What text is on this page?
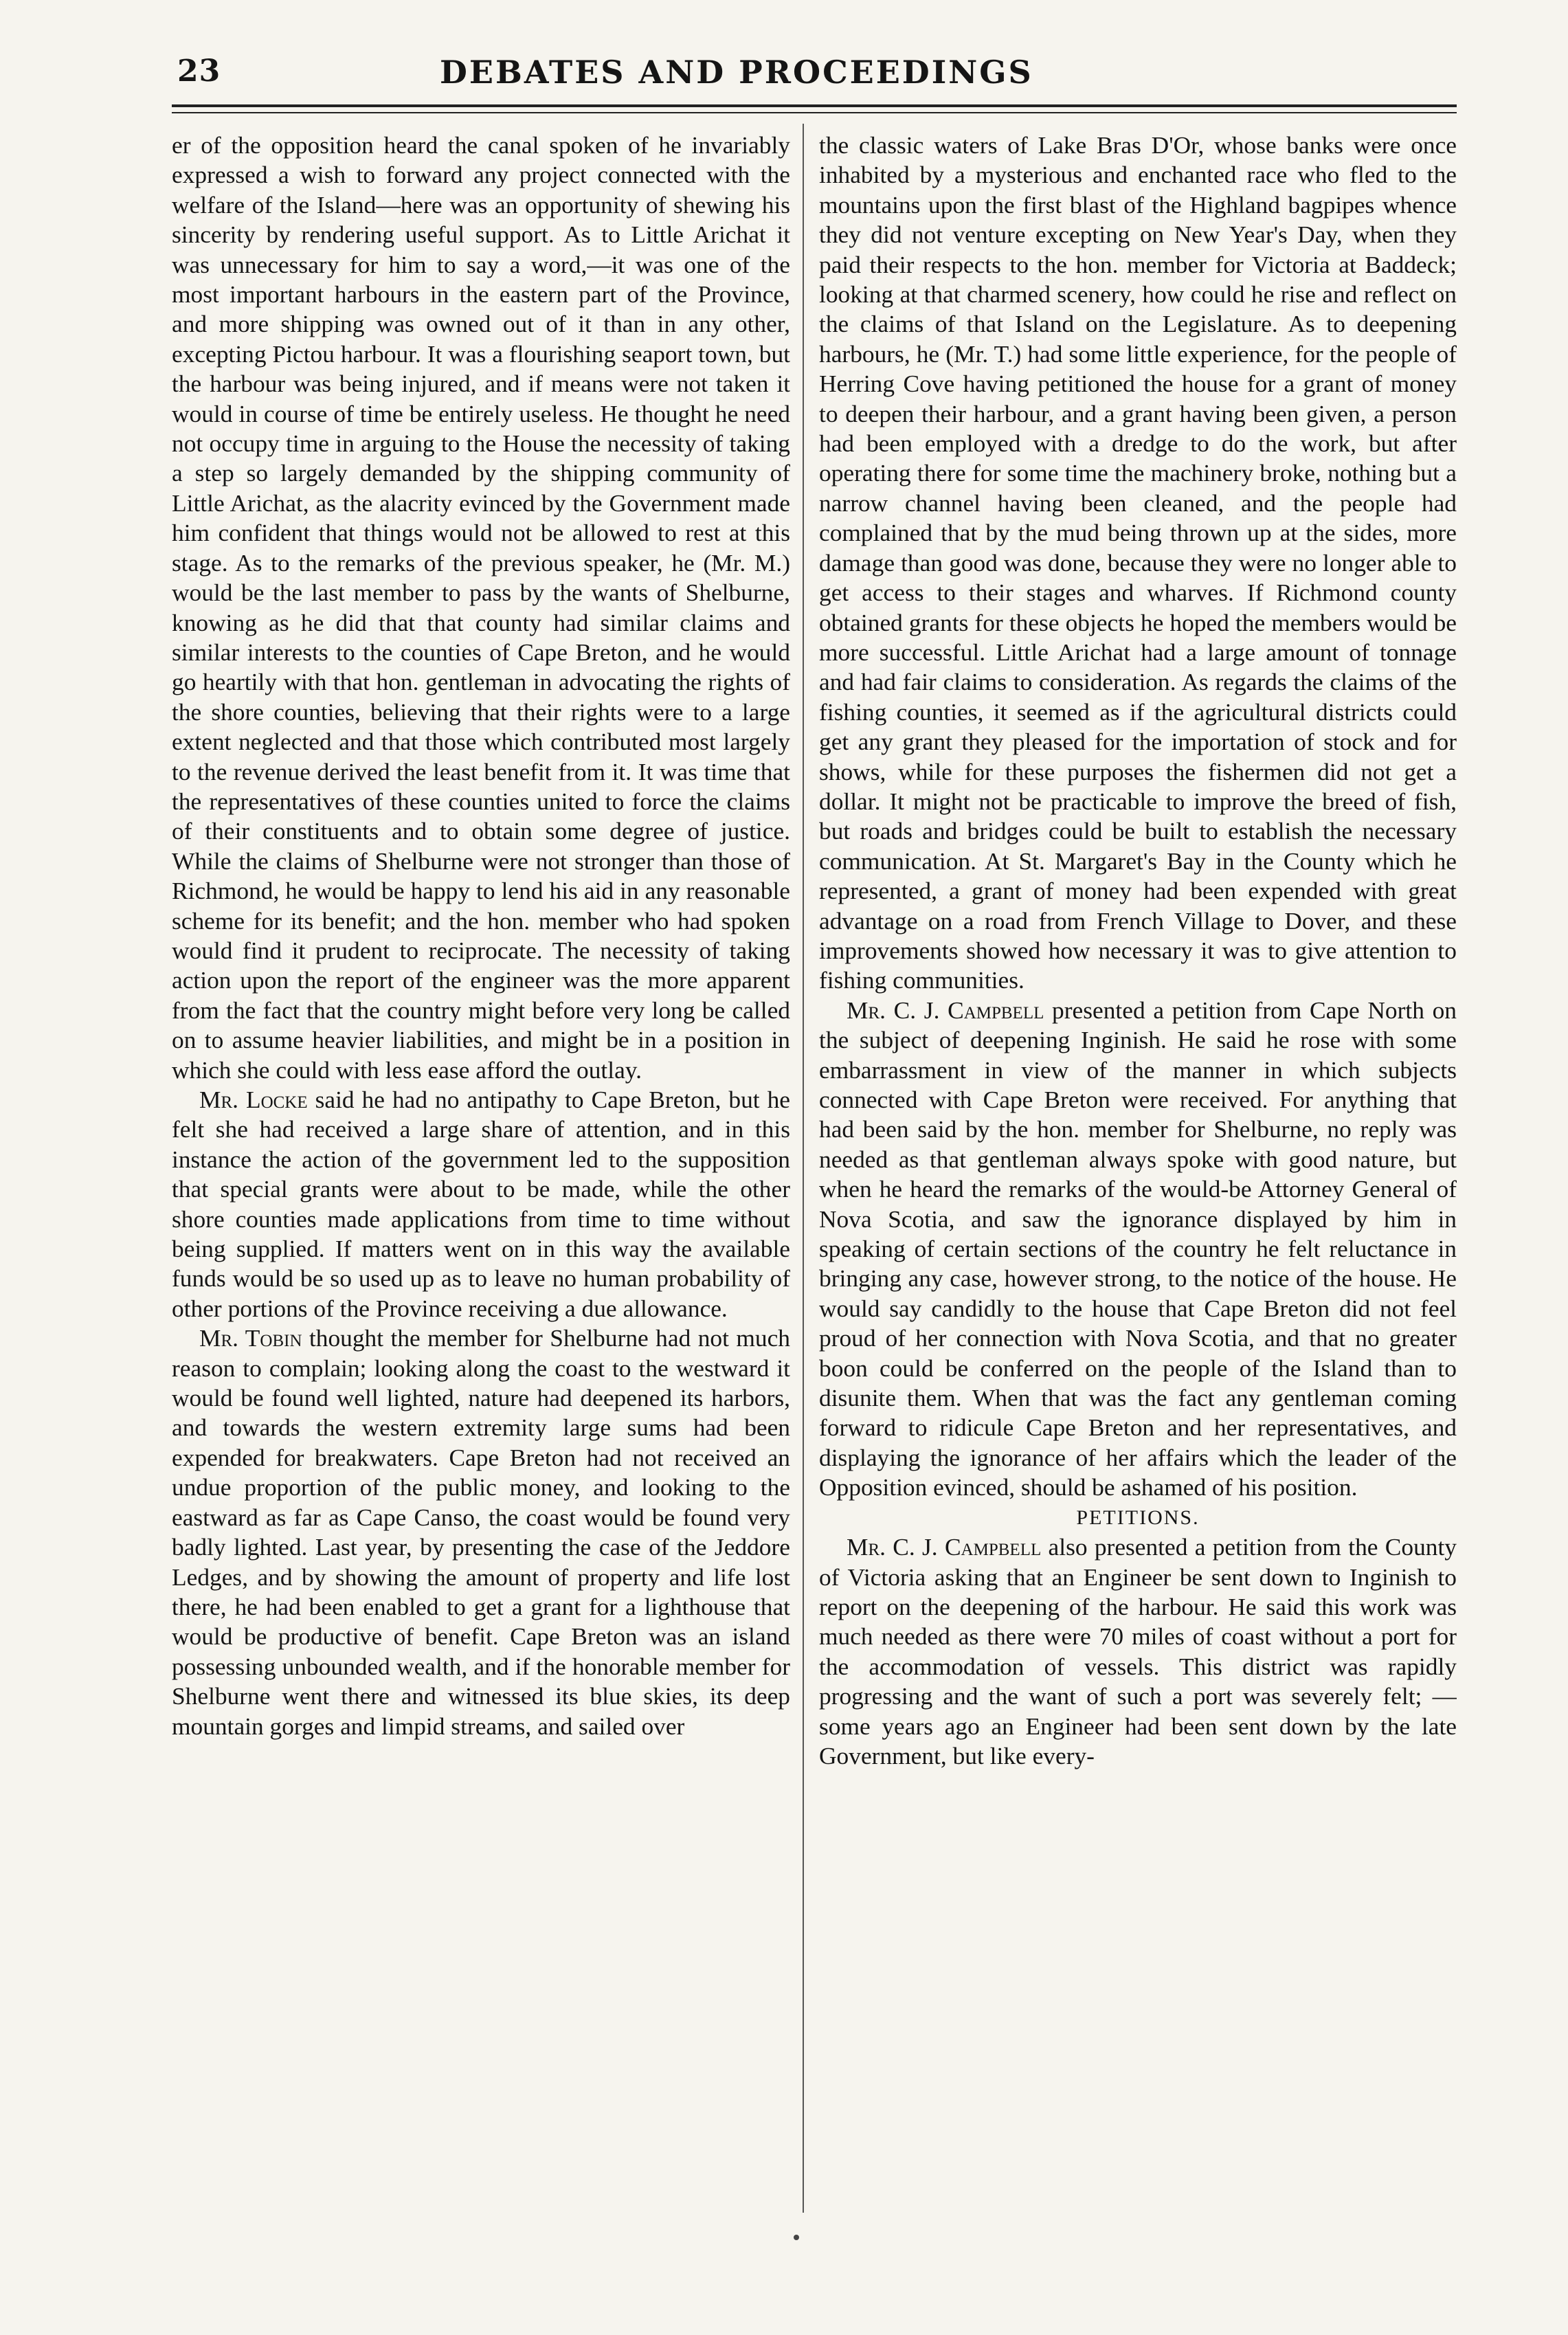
23	DEBATES AND PROCEEDINGS

er of the opposition heard the canal spoken of he invariably expressed a wish to forward any project connected with the welfare of the Island—here was an opportunity of shewing his sincerity by rendering useful support. As to Little Arichat it was unnecessary for him to say a word,—it was one of the most important harbours in the eastern part of the Province, and more shipping was owned out of it than in any other, excepting Pictou harbour. It was a flourishing seaport town, but the harbour was being injured, and if means were not taken it would in course of time be entirely useless. He thought he need not occupy time in arguing to the House the necessity of taking a step so largely demanded by the shipping community of Little Arichat, as the alacrity evinced by the Government made him confident that things would not be allowed to rest at this stage. As to the remarks of the previous speaker, he (Mr. M.) would be the last member to pass by the wants of Shelburne, knowing as he did that that county had similar claims and similar interests to the counties of Cape Breton, and he would go heartily with that hon. gentleman in advocating the rights of the shore counties, believing that their rights were to a large extent neglected and that those which contributed most largely to the revenue derived the least benefit from it. It was time that the representatives of these counties united to force the claims of their constituents and to obtain some degree of justice. While the claims of Shelburne were not stronger than those of Richmond, he would be happy to lend his aid in any reasonable scheme for its benefit; and the hon. member who had spoken would find it prudent to reciprocate. The necessity of taking action upon the report of the engineer was the more apparent from the fact that the country might before very long be called on to assume heavier liabilities, and might be in a position in which she could with less ease afford the outlay.

Mr. Locke said he had no antipathy to Cape Breton, but he felt she had received a large share of attention, and in this instance the action of the government led to the supposition that special grants were about to be made, while the other shore counties made applications from time to time without being supplied. If matters went on in this way the available funds would be so used up as to leave no human probability of other portions of the Province receiving a due allowance.

Mr. Tobin thought the member for Shelburne had not much reason to complain; looking along the coast to the westward it would be found well lighted, nature had deepened its harbors, and towards the western extremity large sums had been expended for breakwaters. Cape Breton had not received an undue proportion of the public money, and looking to the eastward as far as Cape Canso, the coast would be found very badly lighted. Last year, by presenting the case of the Jeddore Ledges, and by showing the amount of property and life lost there, he had been enabled to get a grant for a lighthouse that would be productive of benefit. Cape Breton was an island possessing unbounded wealth, and if the honorable member for Shelburne went there and witnessed its blue skies, its deep mountain gorges and limpid streams, and sailed over

the classic waters of Lake Bras D'Or, whose banks were once inhabited by a mysterious and enchanted race who fled to the mountains upon the first blast of the Highland bagpipes whence they did not venture excepting on New Year's Day, when they paid their respects to the hon. member for Victoria at Baddeck; looking at that charmed scenery, how could he rise and reflect on the claims of that Island on the Legislature. As to deepening harbours, he (Mr. T.) had some little experience, for the people of Herring Cove having petitioned the house for a grant of money to deepen their harbour, and a grant having been given, a person had been employed with a dredge to do the work, but after operating there for some time the machinery broke, nothing but a narrow channel having been cleaned, and the people had complained that by the mud being thrown up at the sides, more damage than good was done, because they were no longer able to get access to their stages and wharves. If Richmond county obtained grants for these objects he hoped the members would be more successful. Little Arichat had a large amount of tonnage and had fair claims to consideration. As regards the claims of the fishing counties, it seemed as if the agricultural districts could get any grant they pleased for the importation of stock and for shows, while for these purposes the fishermen did not get a dollar. It might not be practicable to improve the breed of fish, but roads and bridges could be built to establish the necessary communication. At St. Margaret's Bay in the County which he represented, a grant of money had been expended with great advantage on a road from French Village to Dover, and these improvements showed how necessary it was to give attention to fishing communities.

Mr. C. J. Campbell presented a petition from Cape North on the subject of deepening Inginish. He said he rose with some embarrassment in view of the manner in which subjects connected with Cape Breton were received. For anything that had been said by the hon. member for Shelburne, no reply was needed as that gentleman always spoke with good nature, but when he heard the remarks of the would-be Attorney General of Nova Scotia, and saw the ignorance displayed by him in speaking of certain sections of the country he felt reluctance in bringing any case, however strong, to the notice of the house. He would say candidly to the house that Cape Breton did not feel proud of her connection with Nova Scotia, and that no greater boon could be conferred on the people of the Island than to disunite them. When that was the fact any gentleman coming forward to ridicule Cape Breton and her representatives, and displaying the ignorance of her affairs which the leader of the Opposition evinced, should be ashamed of his position.

PETITIONS.

Mr. C. J. Campbell also presented a petition from the County of Victoria asking that an Engineer be sent down to Inginish to report on the deepening of the harbour. He said this work was much needed as there were 70 miles of coast without a port for the accommodation of vessels. This district was rapidly progressing and the want of such a port was severely felt; —some years ago an Engineer had been sent down by the late Government, but like every-
